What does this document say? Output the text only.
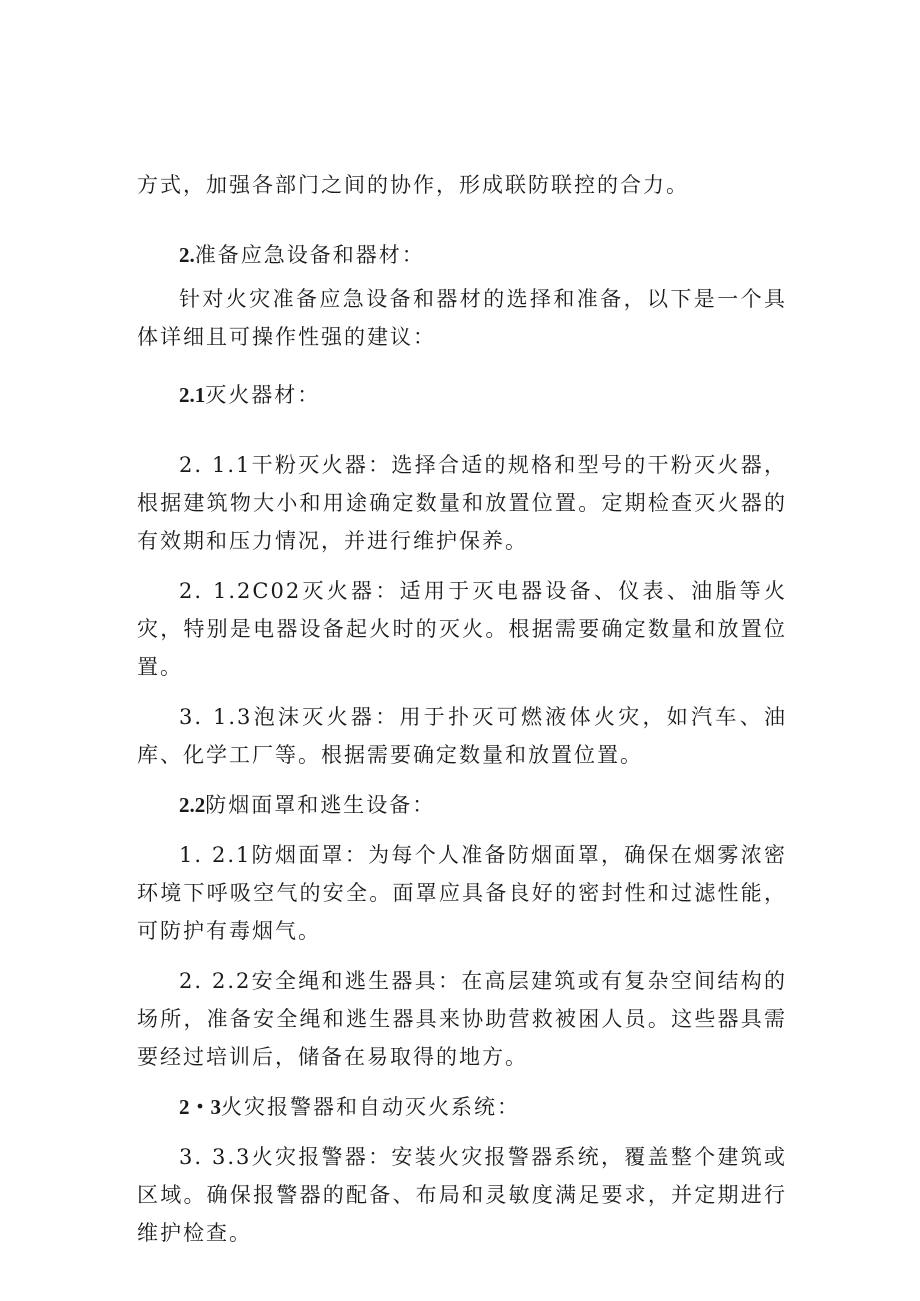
方式，加强各部门之间的协作，形成联防联控的合力。

2.准备应急设备和器材：

针对火灾准备应急设备和器材的选择和准备，以下是一个具体详细且可操作性强的建议：

2.1灭火器材：

2. 1.1干粉灭火器：选择合适的规格和型号的干粉灭火器，根据建筑物大小和用途确定数量和放置位置。定期检查灭火器的有效期和压力情况，并进行维护保养。

2. 1.2C02灭火器：适用于灭电器设备、仪表、油脂等火灾，特别是电器设备起火时的灭火。根据需要确定数量和放置位置。

3. 1.3泡沫灭火器：用于扑灭可燃液体火灾，如汽车、油库、化学工厂等。根据需要确定数量和放置位置。

2.2防烟面罩和逃生设备：

1. 2.1防烟面罩：为每个人准备防烟面罩，确保在烟雾浓密环境下呼吸空气的安全。面罩应具备良好的密封性和过滤性能，可防护有毒烟气。

2. 2.2安全绳和逃生器具：在高层建筑或有复杂空间结构的场所，准备安全绳和逃生器具来协助营救被困人员。这些器具需要经过培训后，储备在易取得的地方。

2・3火灾报警器和自动灭火系统：

3. 3.3火灾报警器：安装火灾报警器系统，覆盖整个建筑或区域。确保报警器的配备、布局和灵敏度满足要求，并定期进行维护检查。
